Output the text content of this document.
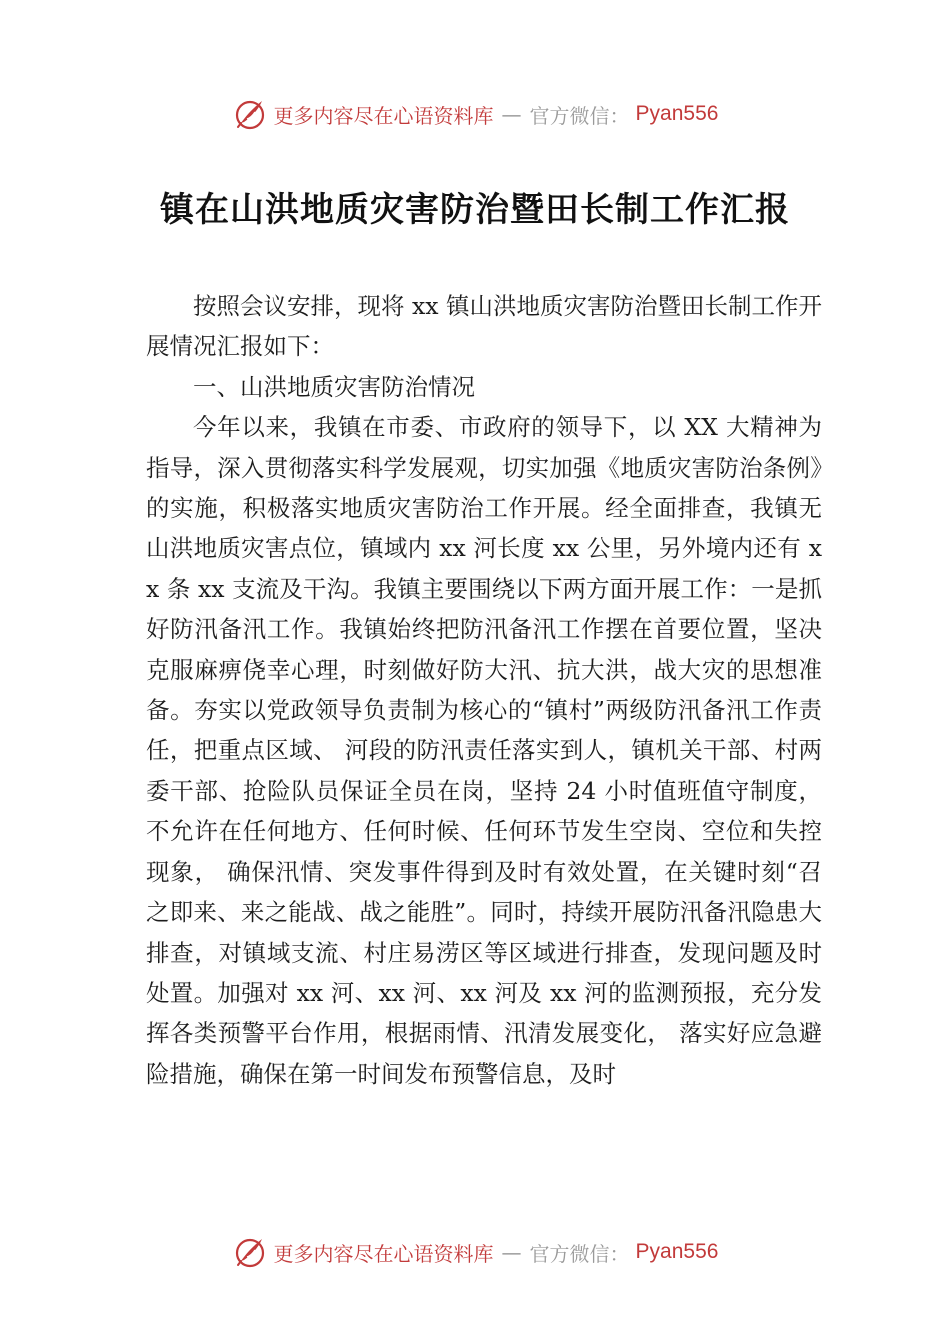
更多内容尽在心语资料库 — 官方微信： Pyan556
镇在山洪地质灾害防治暨田长制工作汇报

按照会议安排，现将 xx 镇山洪地质灾害防治暨田长制工作开展情况汇报如下：

一、山洪地质灾害防治情况

今年以来，我镇在市委、市政府的领导下，以 XX 大精神为指导，深入贯彻落实科学发展观，切实加强《地质灾害防治条例》的实施，积极落实地质灾害防治工作开展。经全面排查，我镇无山洪地质灾害点位，镇域内 xx 河长度 xx 公里，另外境内还有 xx 条 xx 支流及干沟。我镇主要围绕以下两方面开展工作：一是抓好防汛备汛工作。我镇始终把防汛备汛工作摆在首要位置，坚决克服麻痹侥幸心理，时刻做好防大汛、抗大洪，战大灾的思想准备。夯实以党政领导负责制为核心的“镇村”两级防汛备汛工作责任，把重点区域、 河段的防汛责任落实到人，镇机关干部、村两委干部、抢险队员保证全员在岗，坚持 24 小时值班值守制度，不允许在任何地方、任何时候、任何环节发生空岗、空位和失控现象， 确保汛情、突发事件得到及时有效处置，在关键时刻“召之即来、来之能战、战之能胜”。同时，持续开展防汛备汛隐患大排查，对镇域支流、村庄易涝区等区域进行排查，发现问题及时处置。加强对 xx 河、xx 河、xx 河及 xx 河的监测预报，充分发挥各类预警平台作用，根据雨情、汛清发展变化， 落实好应急避险措施，确保在第一时间发布预警信息，及时

更多内容尽在心语资料库 — 官方微信： Pyan556
